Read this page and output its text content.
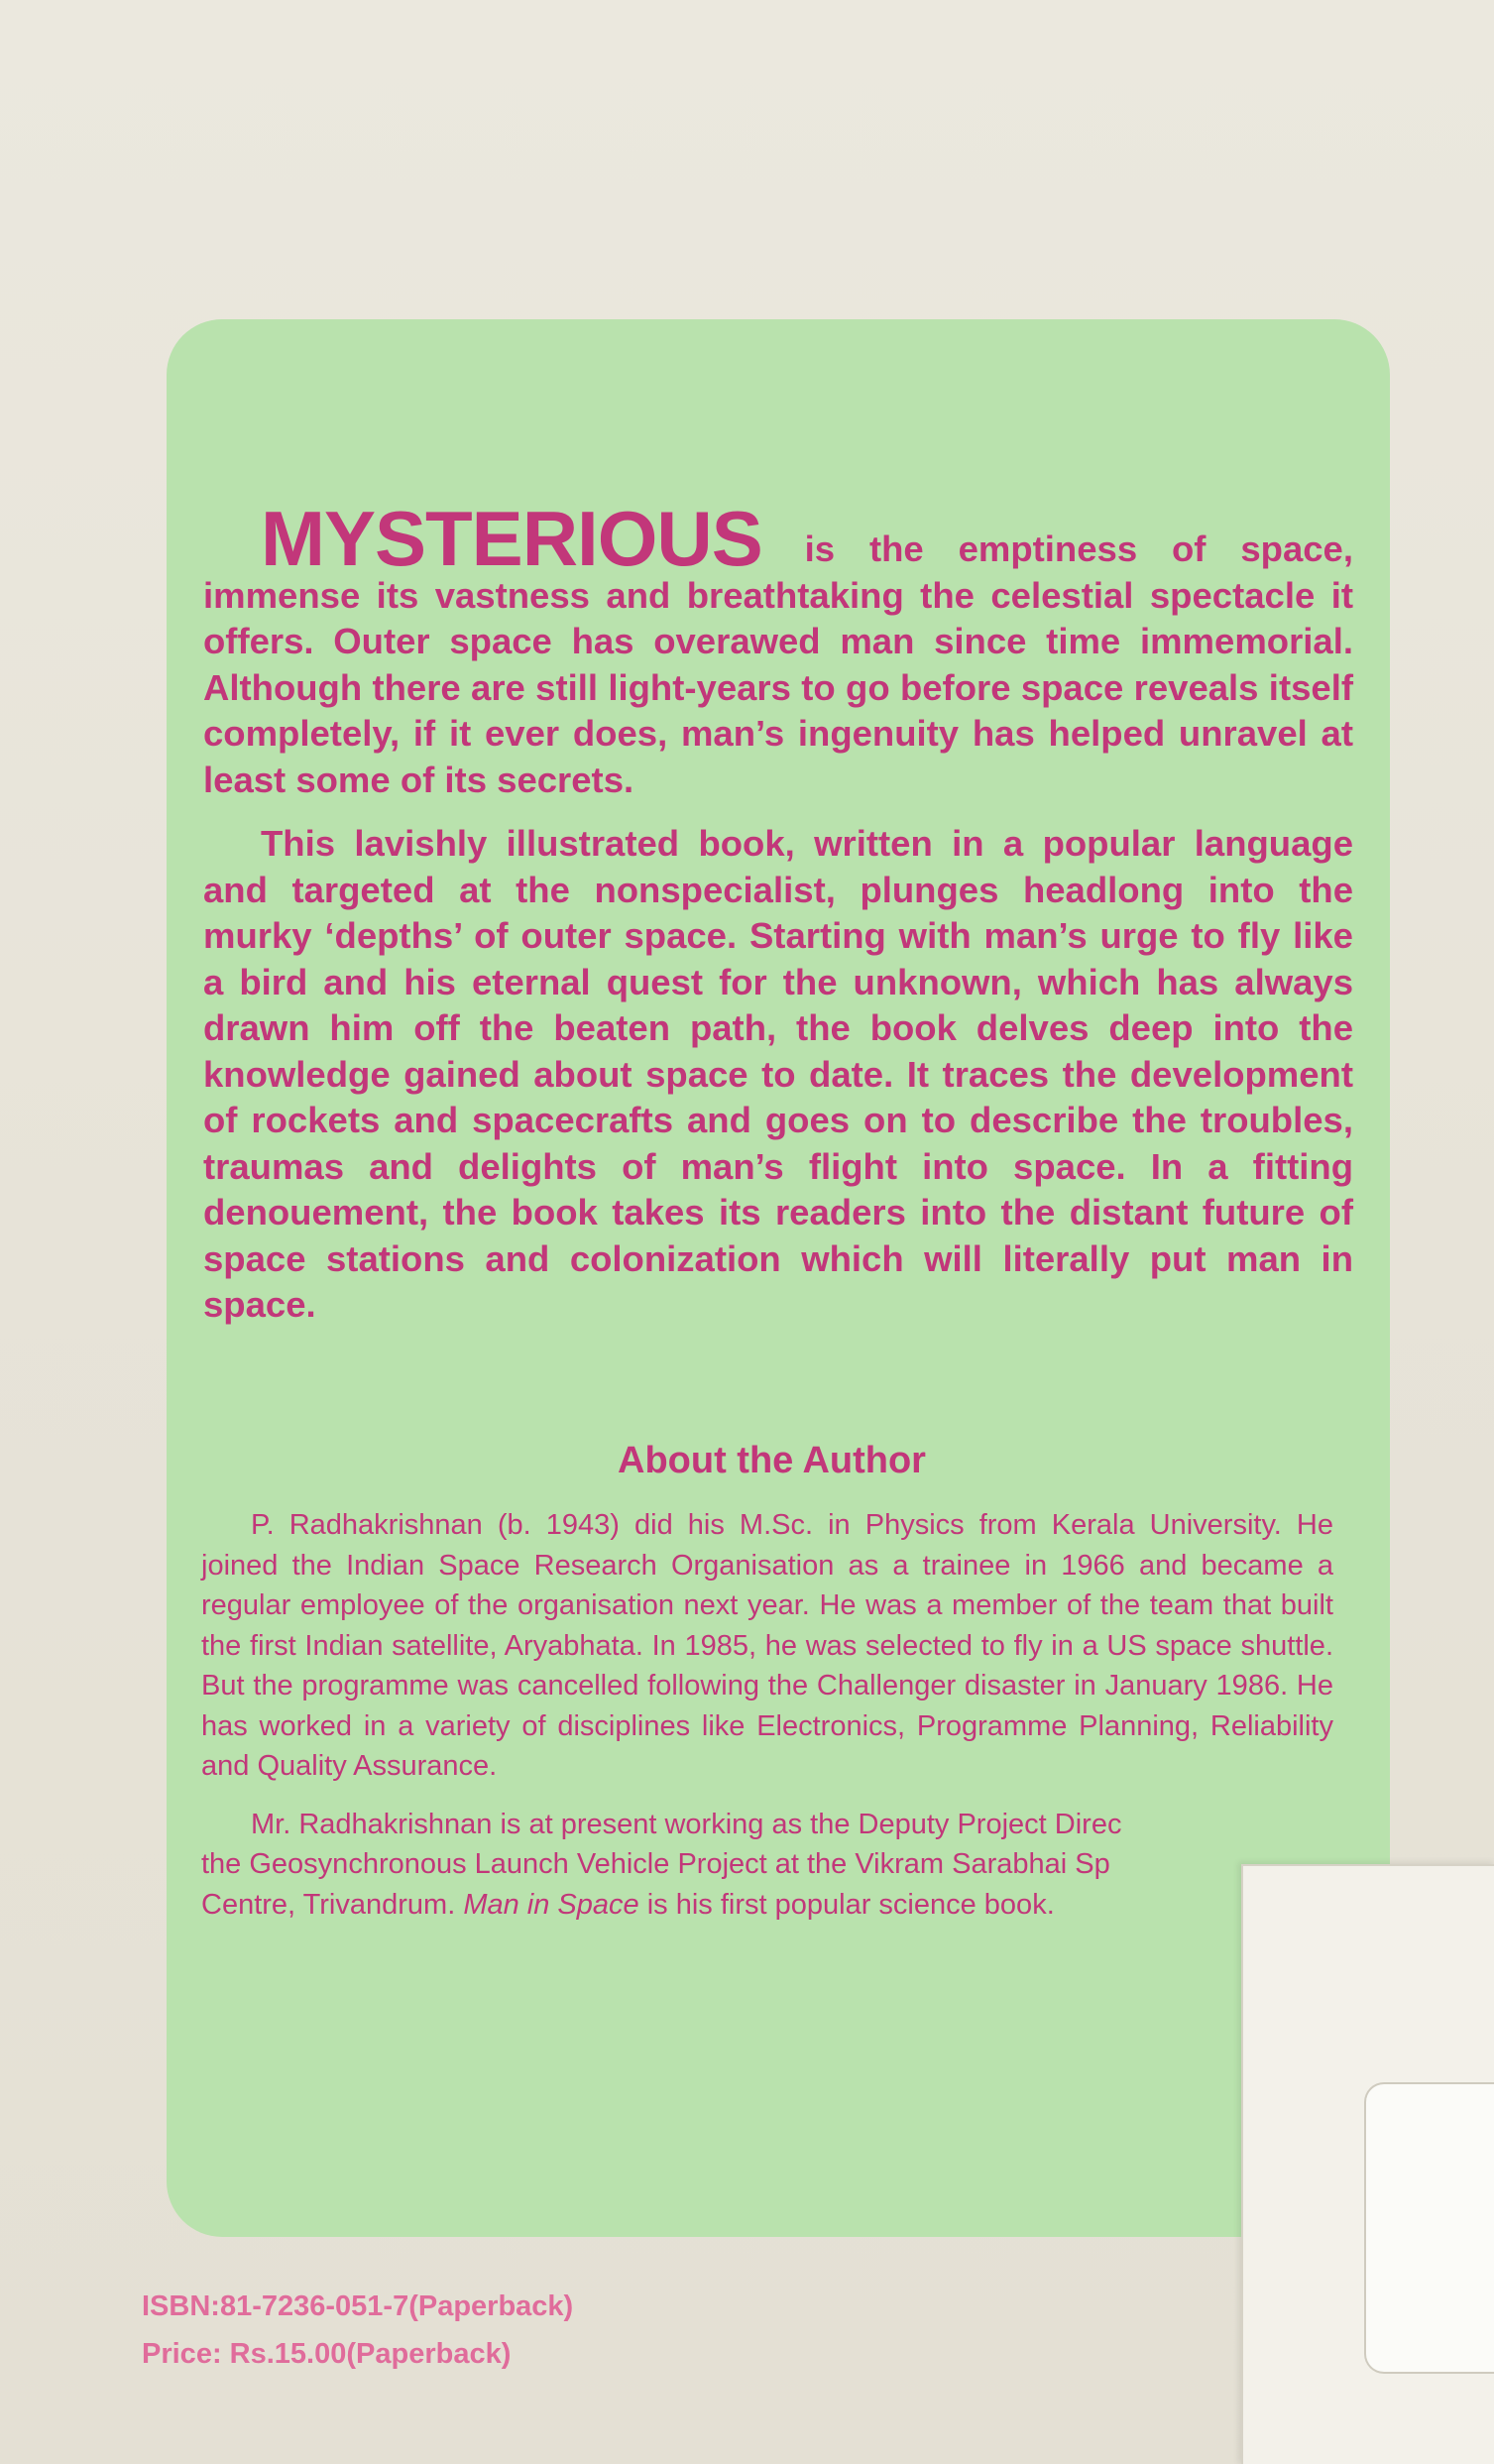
MYSTERIOUS is the emptiness of space, immense its vastness and breathtaking the celestial spectacle it offers. Outer space has overawed man since time immemorial. Although there are still light-years to go before space reveals itself completely, if it ever does, man’s ingenuity has helped unravel at least some of its secrets.

This lavishly illustrated book, written in a popular language and targeted at the nonspecialist, plunges headlong into the murky ‘depths’ of outer space. Starting with man’s urge to fly like a bird and his eternal quest for the unknown, which has always drawn him off the beaten path, the book delves deep into the knowledge gained about space to date. It traces the development of rockets and spacecrafts and goes on to describe the troubles, traumas and delights of man’s flight into space. In a fitting denouement, the book takes its readers into the distant future of space stations and colonization which will literally put man in space.

About the Author

P. Radhakrishnan (b. 1943) did his M.Sc. in Physics from Kerala University. He joined the Indian Space Research Organisation as a trainee in 1966 and became a regular employee of the organisation next year. He was a member of the team that built the first Indian satellite, Aryabhata. In 1985, he was selected to fly in a US space shuttle. But the programme was cancelled following the Challenger disaster in January 1986. He has worked in a variety of disciplines like Electronics, Programme Planning, Reliability and Quality Assurance.

Mr. Radhakrishnan is at present working as the Deputy Project Direc
the Geosynchronous Launch Vehicle Project at the Vikram Sarabhai Sp
Centre, Trivandrum. Man in Space is his first popular science book.

ISBN:81-7236-051-7(Paperback)
Price: Rs.15.00(Paperback)
